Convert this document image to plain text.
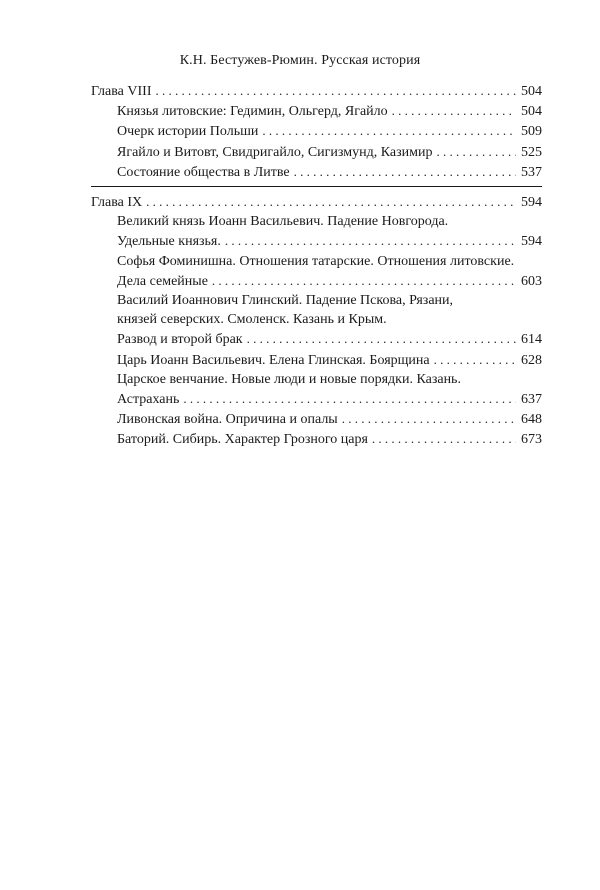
К.Н. Бестужев-Рюмин. Русская история
Глава VIII . . .	504
Князья литовские: Гедимин, Ольгерд, Ягайло . . .	504
Очерк истории Польши . . .	509
Ягайло и Витовт, Свидригайло, Сигизмунд, Казимир . . .	525
Состояние общества в Литве . . .	537
Глава IX . . .	594
Великий князь Иоанн Васильевич. Падение Новгорода.
Удельные князья. . . .	594
Софья Фоминишна. Отношения татарские. Отношения литовские.
Дела семейные . . .	603
Василий Иоаннович Глинский. Падение Пскова, Рязани,
князей северских. Смоленск. Казань и Крым.
Развод и второй брак . . .	614
Царь Иоанн Васильевич. Елена Глинская. Боярщина . . .	628
Царское венчание. Новые люди и новые порядки. Казань.
Астрахань . . .	637
Ливонская война. Опричина и опалы . . .	648
Баторий. Сибирь. Характер Грозного царя . . .	673
